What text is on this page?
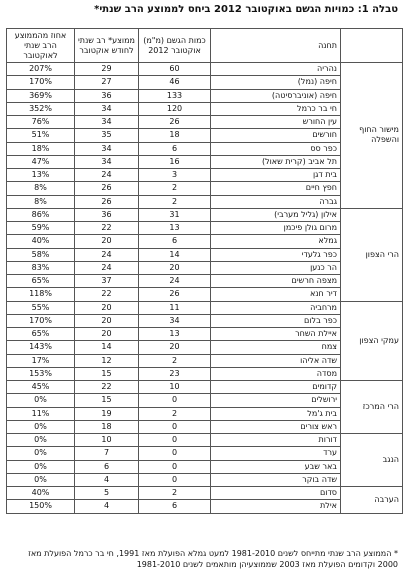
טבלה 1: כמויות הגשם באוקטובר 2012 ביחס לממוצע הרב שנתי*
	תחנה	כמות הגשם (מ"מ) אוקטובר 2012	ממוצע* רב שנתי לחודש אוקטובר	אחוז מהממוצע הרב שנתי לאוקטובר
מישור החוף והשפלה	נהריה	60	29	207%
	חיפה (נמל)	46	27	170%
	חיפה (אוניברסיטה)	133	36	369%
	חי בר כרמל	120	34	352%
	עין החורש	26	34	76%
	חורשים	18	35	51%
	כפר סס	6	34	18%
	תל אביב (קרית שאול)	16	34	47%
	בית דגן	3	24	13%
	חפץ חיים	2	26	8%
	גברה	2	26	8%
הרי הצפון	אילון (גליל מערבי)	31	36	86%
	מרום גולן פיכמן	13	22	59%
	גמלא	6	20	40%
	כפר גלעדי	14	24	58%
	הר כנען	20	24	83%
	מצפה חרשים	24	37	65%
	דיר חנא	26	22	118%
עמקי הצפון	מרחביה	11	20	55%
	כפר בלום	34	20	170%
	איילת השחר	13	20	65%
	צמח	20	14	143%
	שדה אליהו	2	12	17%
	מסדה	23	15	153%
הרי המרכז	קדומים	10	22	45%
	ירושלים	0	15	0%
	בית ג'מל	2	19	11%
	ראש צורים	0	18	0%
הנגב	דורות	0	10	0%
	ערד	0	7	0%
	באר שבע	0	6	0%
	שדה בוקר	0	4	0%
הערבה	סדום	2	5	40%
	אילת	6	4	150%
* הממוצע הרב שנתי מתייחס לשנים 1981-2010 למעט גמלא הפועלת מאז 1991, חי בר כרמל הפועלת מאז 2000 וקדומים הפועלת מאז 2003 שממוצעיהן מותאמים לשנים 1981-2010
